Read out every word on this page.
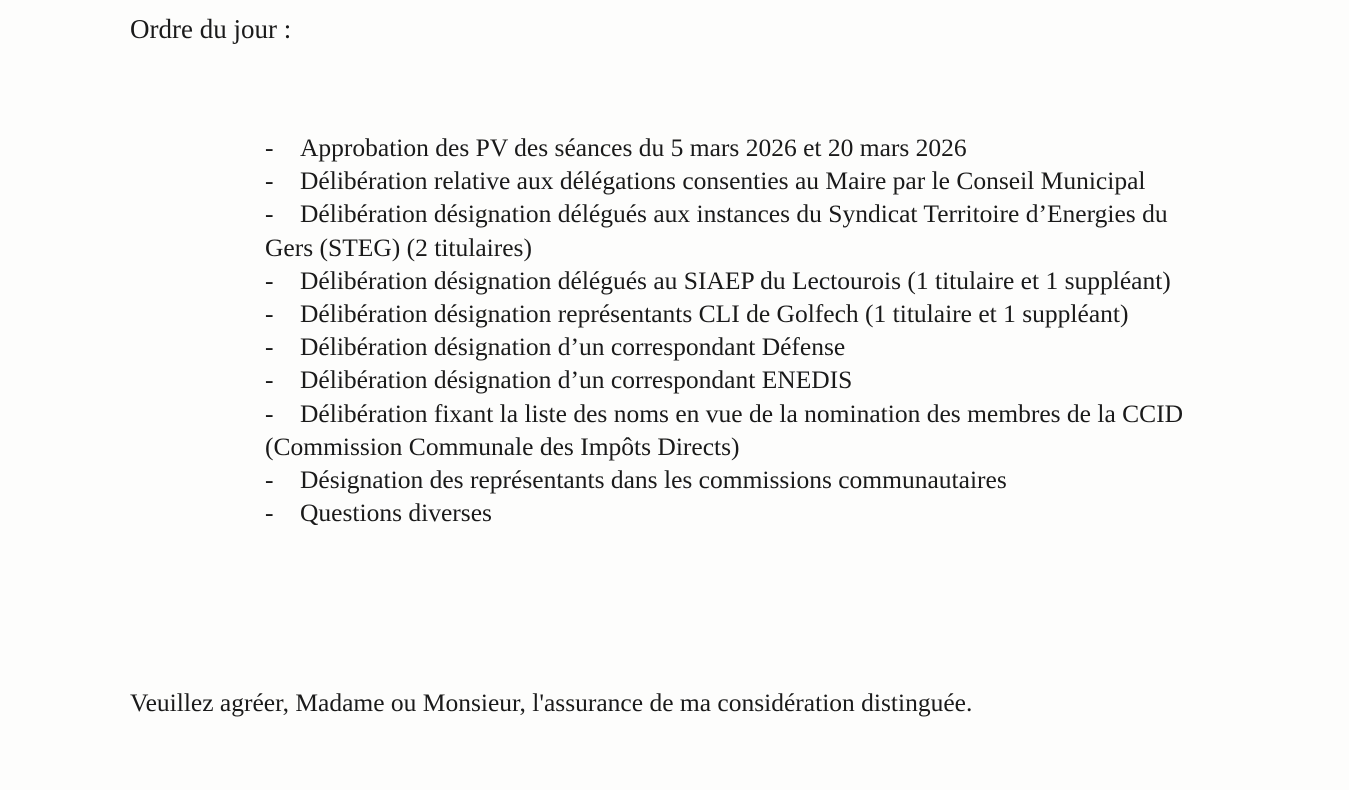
Ordre du jour :
- Approbation des PV des séances du 5 mars 2026 et 20 mars 2026
- Délibération relative aux délégations consenties au Maire par le Conseil Municipal
- Délibération désignation délégués aux instances du Syndicat Territoire d’Energies du Gers (STEG) (2 titulaires)
- Délibération désignation délégués au SIAEP du Lectourois (1 titulaire et 1 suppléant)
- Délibération désignation représentants CLI de Golfech (1 titulaire et 1 suppléant)
- Délibération désignation d’un correspondant Défense
- Délibération désignation d’un correspondant ENEDIS
- Délibération fixant la liste des noms en vue de la nomination des membres de la CCID (Commission Communale des Impôts Directs)
- Désignation des représentants dans les commissions communautaires
- Questions diverses
Veuillez agréer, Madame ou Monsieur, l'assurance de ma considération distinguée.
